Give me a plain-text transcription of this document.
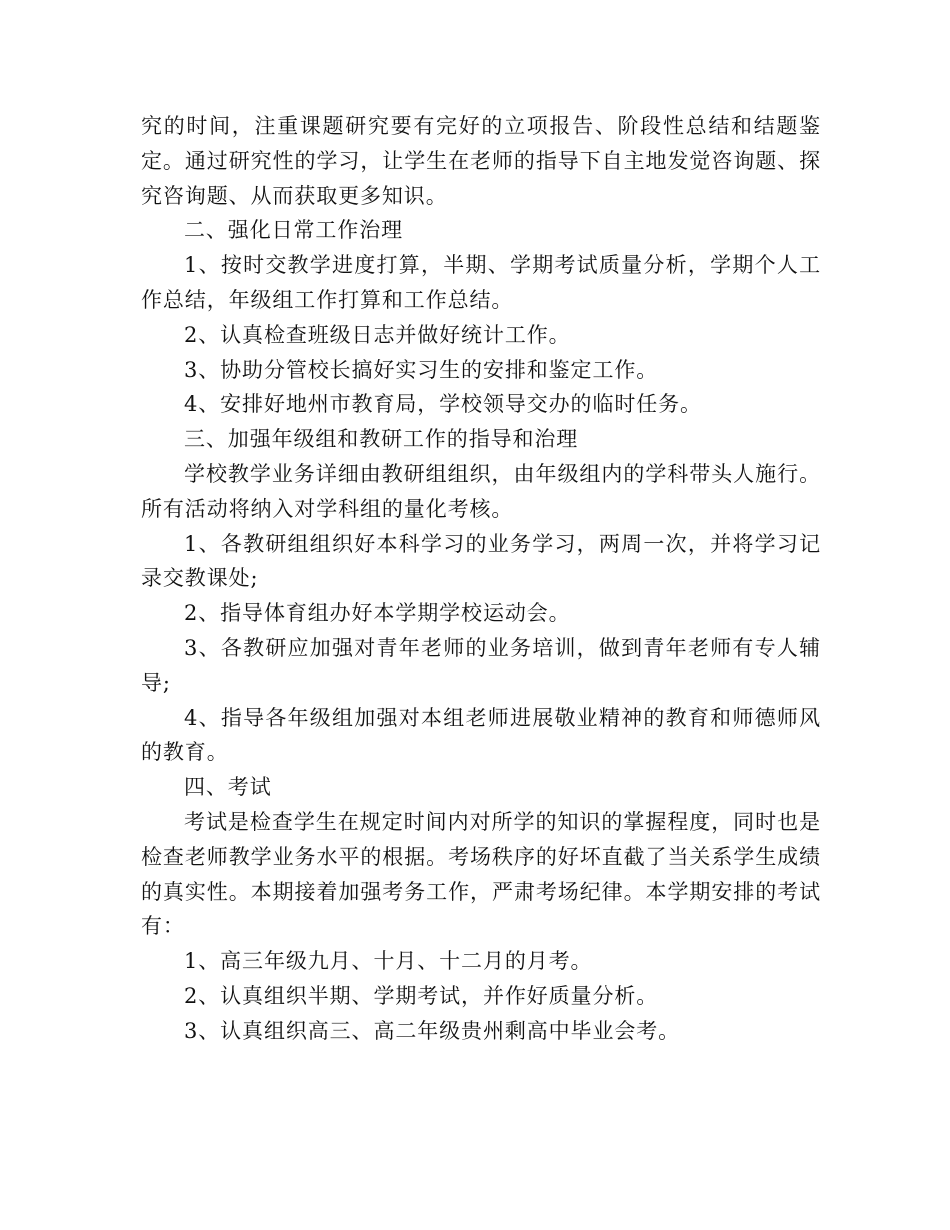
究的时间，注重课题研究要有完好的立项报告、阶段性总结和结题鉴定。通过研究性的学习，让学生在老师的指导下自主地发觉咨询题、探究咨询题、从而获取更多知识。

二、强化日常工作治理

1、按时交教学进度打算，半期、学期考试质量分析，学期个人工作总结，年级组工作打算和工作总结。

2、认真检查班级日志并做好统计工作。

3、协助分管校长搞好实习生的安排和鉴定工作。

4、安排好地州市教育局，学校领导交办的临时任务。

三、加强年级组和教研工作的指导和治理

学校教学业务详细由教研组组织，由年级组内的学科带头人施行。所有活动将纳入对学科组的量化考核。

1、各教研组组织好本科学习的业务学习，两周一次，并将学习记录交教课处;

2、指导体育组办好本学期学校运动会。

3、各教研应加强对青年老师的业务培训，做到青年老师有专人辅导;

4、指导各年级组加强对本组老师进展敬业精神的教育和师德师风的教育。

四、考试

考试是检查学生在规定时间内对所学的知识的掌握程度，同时也是检查老师教学业务水平的根据。考场秩序的好坏直截了当关系学生成绩的真实性。本期接着加强考务工作，严肃考场纪律。本学期安排的考试有：

1、高三年级九月、十月、十二月的月考。

2、认真组织半期、学期考试，并作好质量分析。

3、认真组织高三、高二年级贵州剩高中毕业会考。
